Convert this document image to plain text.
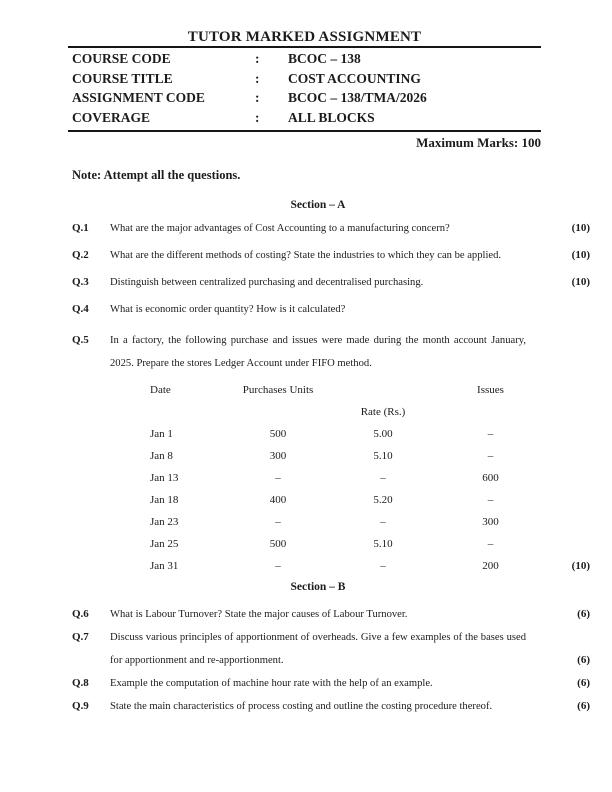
TUTOR MARKED ASSIGNMENT
COURSE CODE	:	BCOC – 138
COURSE TITLE	:	COST ACCOUNTING
ASSIGNMENT CODE	:	BCOC – 138/TMA/2026
COVERAGE	:	ALL BLOCKS
Maximum Marks: 100
Note: Attempt all the questions.
Section – A
Q.1	What are the major advantages of Cost Accounting to a manufacturing concern?	(10)
Q.2	What are the different methods of costing? State the industries to which they can be applied.	(10)
Q.3	Distinguish between centralized purchasing and decentralised purchasing.	(10)
Q.4	What is economic order quantity? How is it calculated?
Q.5	In a factory, the following purchase and issues were made during the month account January, 2025. Prepare the stores Ledger Account under FIFO method.
Date	Purchases Units	Issues
Rate (Rs.)
Jan 1	500	5.00	–
Jan 8	300	5.10	–
Jan 13	–	–	600
Jan 18	400	5.20	–
Jan 23	–	–	300
Jan 25	500	5.10	–
Jan 31	–	–	200	(10)
Section – B
Q.6	What is Labour Turnover? State the major causes of Labour Turnover.	(6)
Q.7	Discuss various principles of apportionment of overheads. Give a few examples of the bases used for apportionment and re-apportionment.	(6)
Q.8	Example the computation of machine hour rate with the help of an example.	(6)
Q.9	State the main characteristics of process costing and outline the costing procedure thereof.	(6)
